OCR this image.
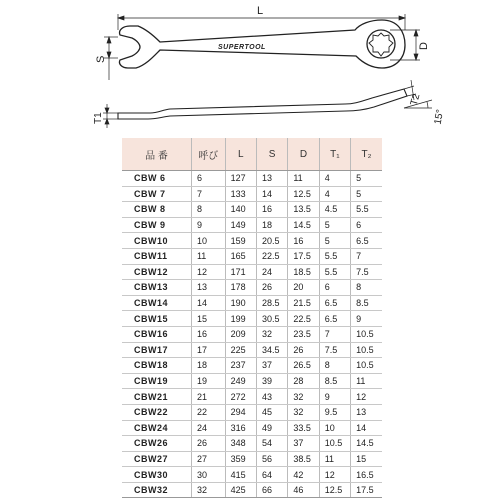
SUPERTOOL
L
S
D
T1
T2
15°
品 番	呼び	L	S	D	T₁	T₂
CBW 6	6	127	13	11	4	5
CBW 7	7	133	14	12.5	4	5
CBW 8	8	140	16	13.5	4.5	5.5
CBW 9	9	149	18	14.5	5	6
CBW10	10	159	20.5	16	5	6.5
CBW11	11	165	22.5	17.5	5.5	7
CBW12	12	171	24	18.5	5.5	7.5
CBW13	13	178	26	20	6	8
CBW14	14	190	28.5	21.5	6.5	8.5
CBW15	15	199	30.5	22.5	6.5	9
CBW16	16	209	32	23.5	7	10.5
CBW17	17	225	34.5	26	7.5	10.5
CBW18	18	237	37	26.5	8	10.5
CBW19	19	249	39	28	8.5	11
CBW21	21	272	43	32	9	12
CBW22	22	294	45	32	9.5	13
CBW24	24	316	49	33.5	10	14
CBW26	26	348	54	37	10.5	14.5
CBW27	27	359	56	38.5	11	15
CBW30	30	415	64	42	12	16.5
CBW32	32	425	66	46	12.5	17.5
